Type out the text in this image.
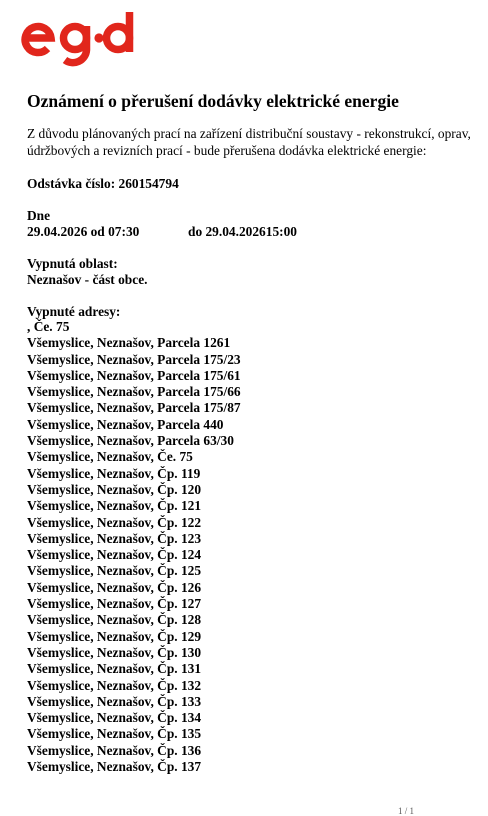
Oznámení o přerušení dodávky elektrické energie

Z důvodu plánovaných prací na zařízení distribuční soustavy - rekonstrukcí, oprav, údržbových a revizních prací - bude přerušena dodávka elektrické energie:

Odstávka číslo: 260154794

Dne

29.04.2026 od 07:30	do 29.04.202615:00

Vypnutá oblast:

Neznašov - část obce.

Vypnuté adresy:

, Če. 75
Všemyslice, Neznašov, Parcela 1261
Všemyslice, Neznašov, Parcela 175/23
Všemyslice, Neznašov, Parcela 175/61
Všemyslice, Neznašov, Parcela 175/66
Všemyslice, Neznašov, Parcela 175/87
Všemyslice, Neznašov, Parcela 440
Všemyslice, Neznašov, Parcela 63/30
Všemyslice, Neznašov, Če. 75
Všemyslice, Neznašov, Čp. 119
Všemyslice, Neznašov, Čp. 120
Všemyslice, Neznašov, Čp. 121
Všemyslice, Neznašov, Čp. 122
Všemyslice, Neznašov, Čp. 123
Všemyslice, Neznašov, Čp. 124
Všemyslice, Neznašov, Čp. 125
Všemyslice, Neznašov, Čp. 126
Všemyslice, Neznašov, Čp. 127
Všemyslice, Neznašov, Čp. 128
Všemyslice, Neznašov, Čp. 129
Všemyslice, Neznašov, Čp. 130
Všemyslice, Neznašov, Čp. 131
Všemyslice, Neznašov, Čp. 132
Všemyslice, Neznašov, Čp. 133
Všemyslice, Neznašov, Čp. 134
Všemyslice, Neznašov, Čp. 135
Všemyslice, Neznašov, Čp. 136
Všemyslice, Neznašov, Čp. 137
1 / 1
